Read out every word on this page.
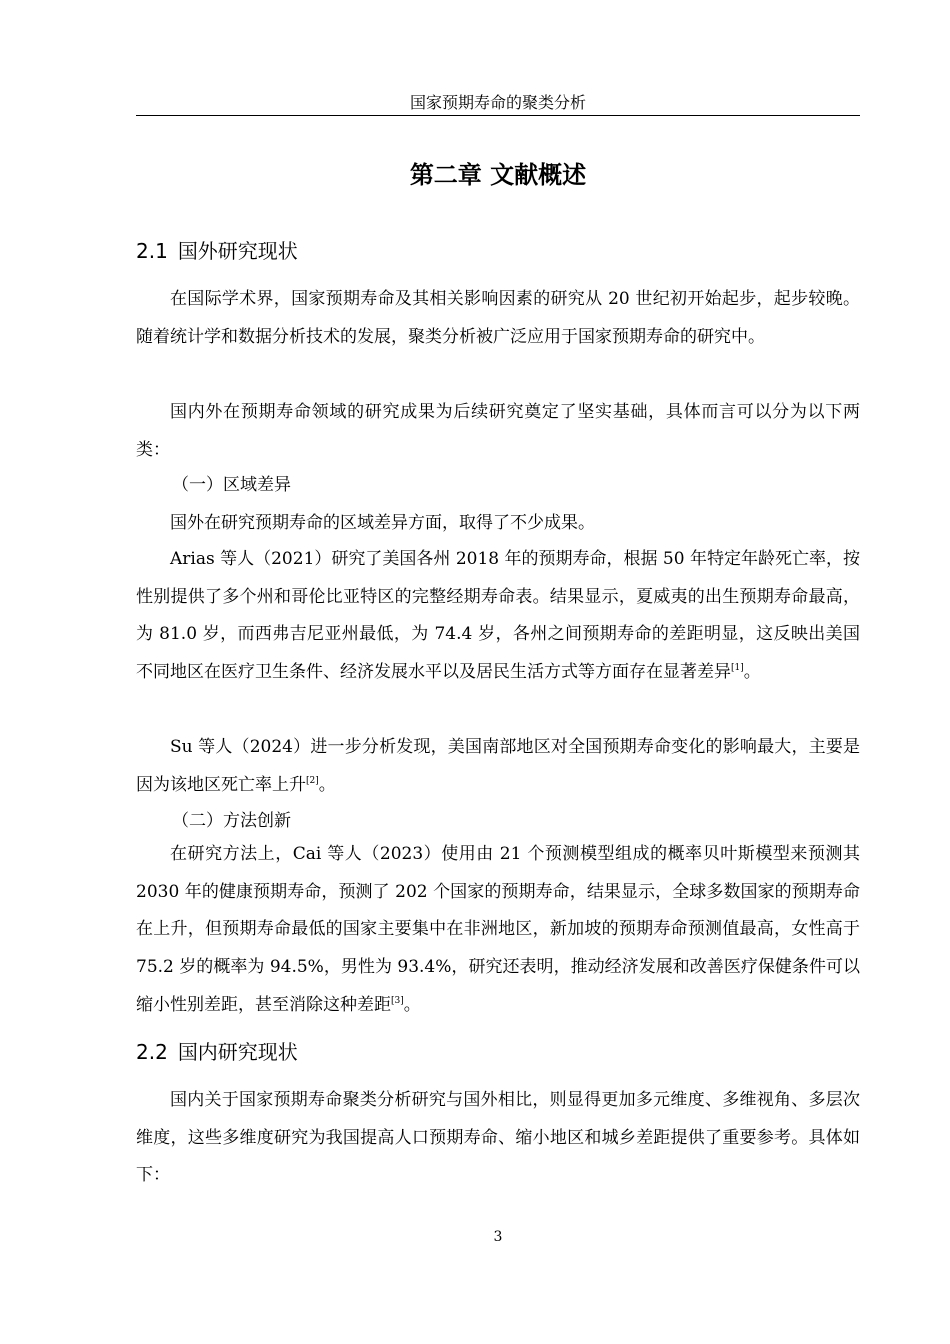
国家预期寿命的聚类分析
第二章 文献概述
2.1 国外研究现状

在国际学术界，国家预期寿命及其相关影响因素的研究从 20 世纪初开始起步，起步较晚。随着统计学和数据分析技术的发展，聚类分析被广泛应用于国家预期寿命的研究中。

国内外在预期寿命领域的研究成果为后续研究奠定了坚实基础，具体而言可以分为以下两类：

（一）区域差异

国外在研究预期寿命的区域差异方面，取得了不少成果。

Arias 等人（2021）研究了美国各州 2018 年的预期寿命，根据 50 年特定年龄死亡率，按性别提供了多个州和哥伦比亚特区的完整经期寿命表。结果显示，夏威夷的出生预期寿命最高，为 81.0 岁，而西弗吉尼亚州最低，为 74.4 岁，各州之间预期寿命的差距明显，这反映出美国不同地区在医疗卫生条件、经济发展水平以及居民生活方式等方面存在显著差异[1]。

Su 等人（2024）进一步分析发现，美国南部地区对全国预期寿命变化的影响最大，主要是因为该地区死亡率上升[2]。

（二）方法创新

在研究方法上，Cai 等人（2023）使用由 21 个预测模型组成的概率贝叶斯模型来预测其 2030 年的健康预期寿命，预测了 202 个国家的预期寿命，结果显示，全球多数国家的预期寿命在上升，但预期寿命最低的国家主要集中在非洲地区，新加坡的预期寿命预测值最高，女性高于 75.2 岁的概率为 94.5%，男性为 93.4%，研究还表明，推动经济发展和改善医疗保健条件可以缩小性别差距，甚至消除这种差距[3]。

2.2 国内研究现状

国内关于国家预期寿命聚类分析研究与国外相比，则显得更加多元维度、多维视角、多层次维度，这些多维度研究为我国提高人口预期寿命、缩小地区和城乡差距提供了重要参考。具体如下：

3
